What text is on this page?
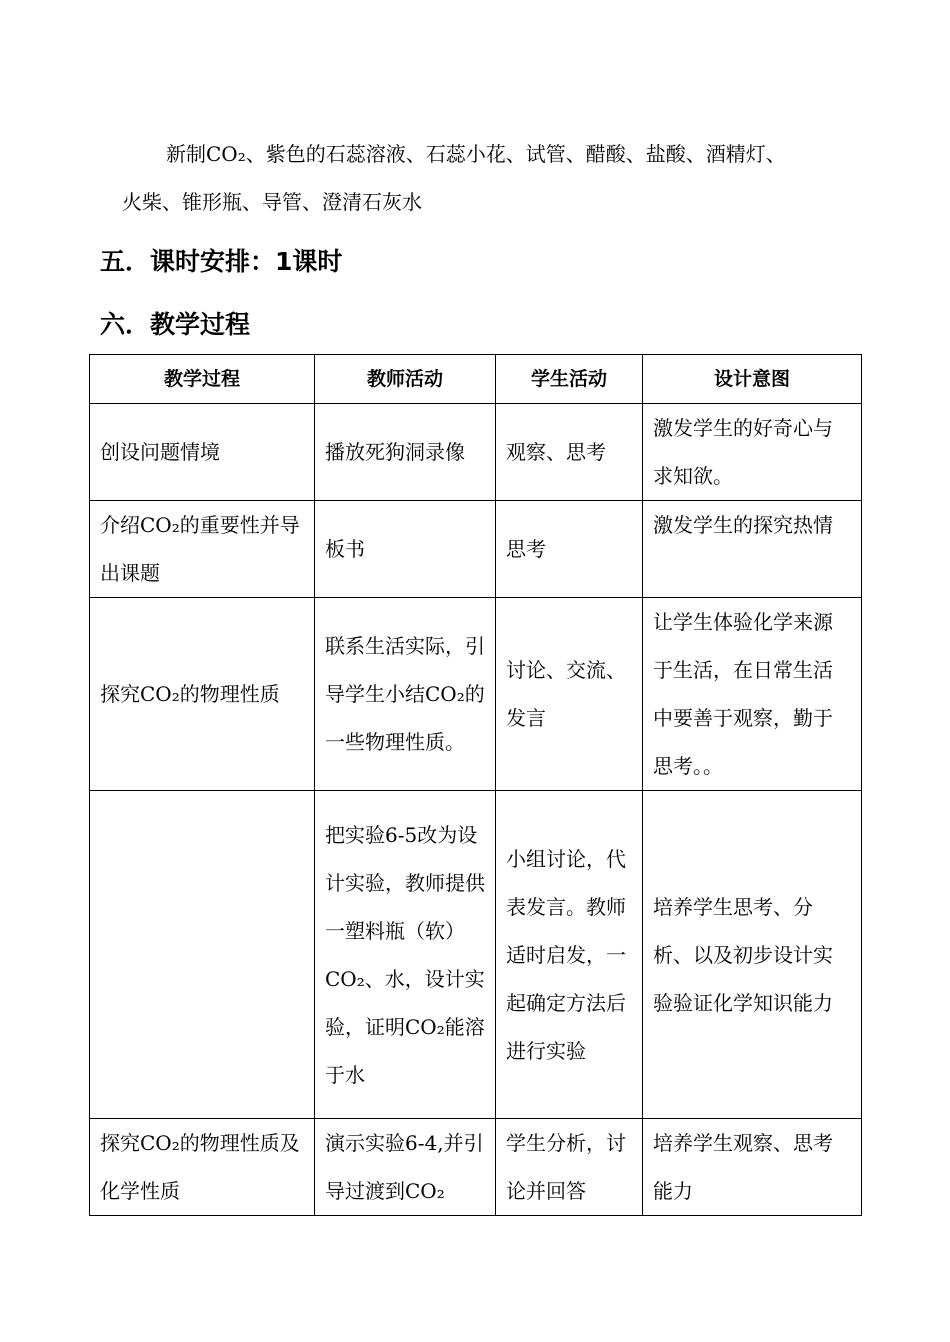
新制CO₂、紫色的石蕊溶液、石蕊小花、试管、醋酸、盐酸、酒精灯、
火柴、锥形瓶、导管、澄清石灰水
五．课时安排：1课时
六．教学过程
教学过程	教师活动	学生活动	设计意图
创设问题情境	播放死狗洞录像	观察、思考	激发学生的好奇心与求知欲。
介绍CO₂的重要性并导出课题	板书	思考	激发学生的探究热情
探究CO₂的物理性质	联系生活实际，引导学生小结CO₂的一些物理性质。	讨论、交流、发言	让学生体验化学来源于生活，在日常生活中要善于观察，勤于思考。。
	把实验6-5改为设计实验，教师提供一塑料瓶（软）CO₂、水，设计实验，证明CO₂能溶于水	小组讨论，代表发言。教师适时启发，一起确定方法后进行实验	培养学生思考、分析、以及初步设计实验验证化学知识能力
探究CO₂的物理性质及化学性质	演示实验6-4,并引导过渡到CO₂	学生分析，讨论并回答	培养学生观察、思考能力
